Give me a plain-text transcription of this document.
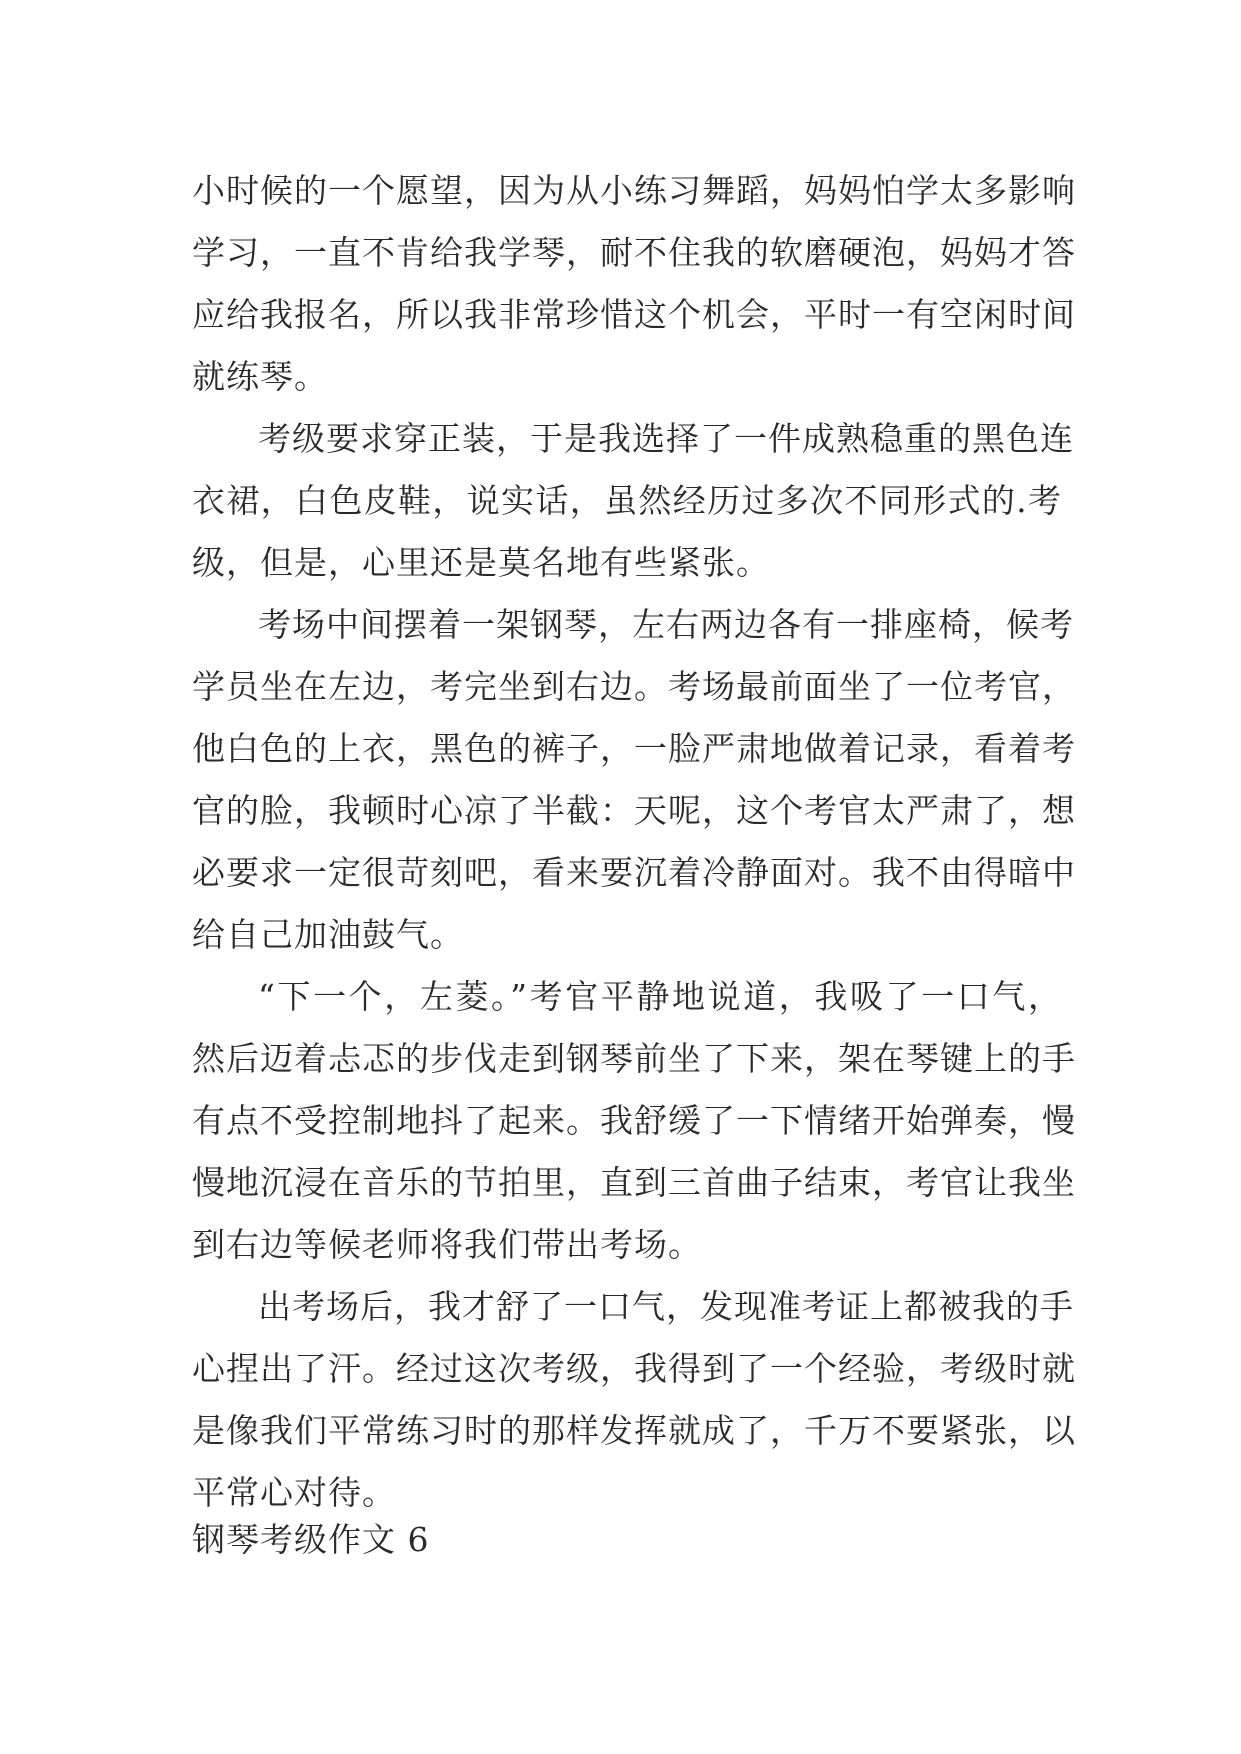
小时候的一个愿望，因为从小练习舞蹈，妈妈怕学太多影响
学习，一直不肯给我学琴，耐不住我的软磨硬泡，妈妈才答
应给我报名，所以我非常珍惜这个机会，平时一有空闲时间
就练琴。
考级要求穿正装，于是我选择了一件成熟稳重的黑色连
衣裙，白色皮鞋，说实话，虽然经历过多次不同形式的.考
级，但是，心里还是莫名地有些紧张。
考场中间摆着一架钢琴，左右两边各有一排座椅，候考
学员坐在左边，考完坐到右边。考场最前面坐了一位考官，
他白色的上衣，黑色的裤子，一脸严肃地做着记录，看着考
官的脸，我顿时心凉了半截：天呢，这个考官太严肃了，想
必要求一定很苛刻吧，看来要沉着冷静面对。我不由得暗中
给自己加油鼓气。
“下一个，左菱。”考官平静地说道，我吸了一口气，
然后迈着忐忑的步伐走到钢琴前坐了下来，架在琴键上的手
有点不受控制地抖了起来。我舒缓了一下情绪开始弹奏，慢
慢地沉浸在音乐的节拍里，直到三首曲子结束，考官让我坐
到右边等候老师将我们带出考场。
出考场后，我才舒了一口气，发现准考证上都被我的手
心捏出了汗。经过这次考级，我得到了一个经验，考级时就
是像我们平常练习时的那样发挥就成了，千万不要紧张，以
平常心对待。
钢琴考级作文 6
